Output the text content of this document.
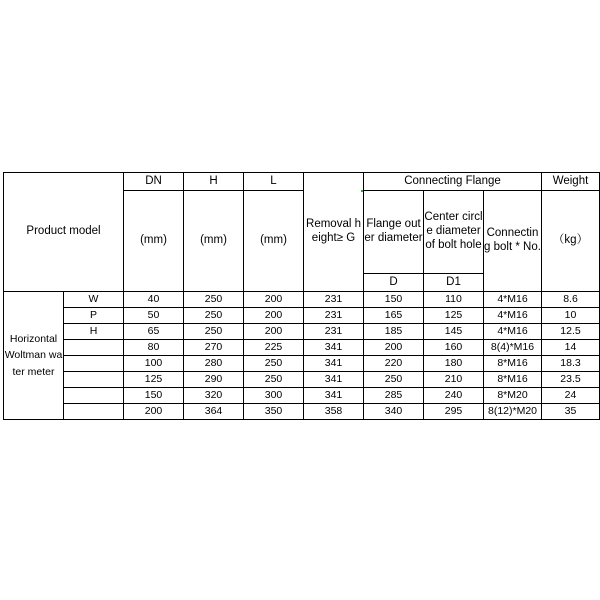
Product model		DN	H	L	Removal height≥ G	Connecting Flange			Weight
		(mm)	(mm)	(mm)		Flange outer diameter	Center circle diameter of bolt hole	Connecting bolt * No.	（kg）
						D	D1		
Horizontal Woltman water meter	W	40	250	200	231	150	110	4*M16	8.6
	P	50	250	200	231	165	125	4*M16	10
	H	65	250	200	231	185	145	4*M16	12.5
		80	270	225	341	200	160	8(4)*M16	14
		100	280	250	341	220	180	8*M16	18.3
		125	290	250	341	250	210	8*M16	23.5
		150	320	300	341	285	240	8*M20	24
		200	364	350	358	340	295	8(12)*M20	35
